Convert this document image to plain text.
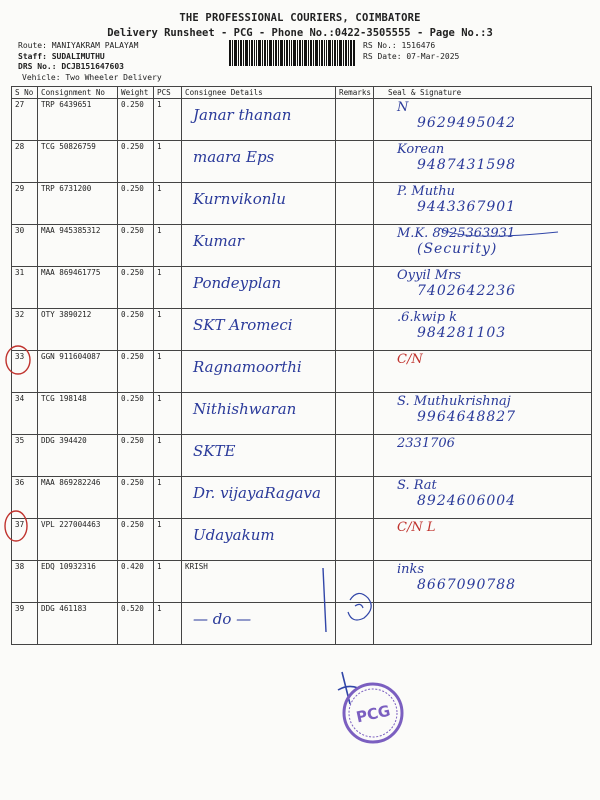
THE PROFESSIONAL COURIERS, COIMBATORE
Delivery Runsheet - PCG - Phone No.:0422-3505555 - Page No.:3
Route: MANIYAKRAM PALAYAM
Staff: SUDALIMUTHU
DRS No.: DCJB151647603
Vehicle: Two Wheeler Delivery
RS No.: 1516476
RS Date: 07-Mar-2025
S No	Consignment No	Weight	PCS	Consignee Details	Remarks	Seal & Signature
27	TRP 6439651	0.250	1	Janar thanan		N
9629495042

28	TCG 50826759	0.250	1	maara Eps		Korean
9487431598

29	TRP 6731200	0.250	1	Kurnvikonlu		P. Muthu
9443367901

30	MAA 945385312	0.250	1	Kumar		M.K. 8925363931
(Security)

31	MAA 869461775	0.250	1	Pondeyplan		Oyyil Mrs
7402642236

32	OTY 3890212	0.250	1	SKT Aromeci		.6.kwip k
984281103

33	GGN 911604087	0.250	1	Ragnamoorthi		C/N

34	TCG 198148	0.250	1	Nithishwaran		S. Muthukrishnaj
9964648827

35	DDG 394420	0.250	1	SKTE		2331706

36	MAA 869282246	0.250	1	Dr. vijayaRagava		S. Rat
8924606004

37	VPL 227004463	0.250	1	Udayakum		C/N L

38	EDQ 10932316	0.420	1	KRISH		inks
8667090788

39	DDG 461183	0.520	1	— do —		

PCG
